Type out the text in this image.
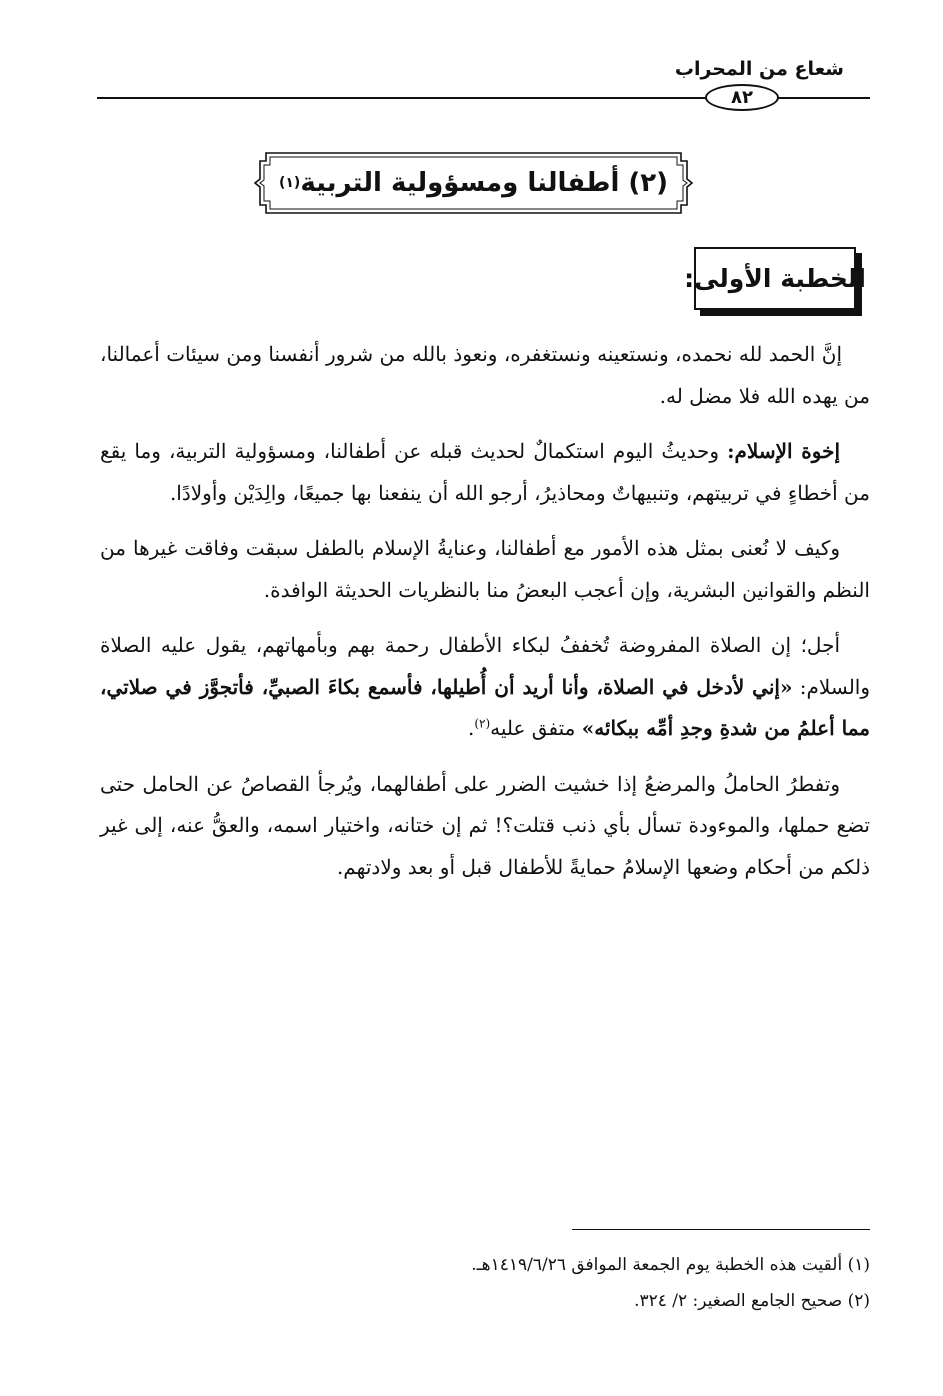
شعاع من المحراب
٨٢
(٢) أطفالنا ومسؤولية التربية
(١)
الخطبة الأولى:

إنَّ الحمد لله نحمده، ونستعينه ونستغفره، ونعوذ بالله من شرور أنفسنا ومن سيئات أعمالنا، من يهده الله فلا مضل له.

إخوة الإسلام: وحديثُ اليوم استكمالٌ لحديث قبله عن أطفالنا، ومسؤولية التربية، وما يقع من أخطاءٍ في تربيتهم، وتنبيهاتٌ ومحاذيرُ، أرجو الله أن ينفعنا بها جميعًا، والِدَيْن وأولادًا.

وكيف لا نُعنى بمثل هذه الأمور مع أطفالنا، وعنايةُ الإسلام بالطفل سبقت وفاقت غيرها من النظم والقوانين البشرية، وإن أعجب البعضُ منا بالنظريات الحديثة الوافدة.

أجل؛ إن الصلاة المفروضة تُخففُ لبكاء الأطفال رحمة بهم وبأمهاتهم، يقول عليه الصلاة والسلام: «إني لأدخل في الصلاة، وأنا أريد أن أُطيلها، فأسمع بكاءَ الصبيِّ، فأتجوَّز في صلاتي، مما أعلمُ من شدةِ وجدِ أمِّه ببكائه» متفق عليه$^{(٢)}$.

وتفطرُ الحاملُ والمرضعُ إذا خشيت الضرر على أطفالهما، ويُرجأ القصاصُ عن الحامل حتى تضع حملها، والموءودة تسأل بأي ذنب قتلت؟! ثم إن ختانه، واختيار اسمه، والعقُّ عنه، إلى غير ذلكم من أحكام وضعها الإسلامُ حمايةً للأطفال قبل أو بعد ولادتهم.

(١) ألقيت هذه الخطبة يوم الجمعة الموافق ١٤١٩/٦/٢٦هـ.
(٢) صحيح الجامع الصغير: ٢/ ٣٢٤.
